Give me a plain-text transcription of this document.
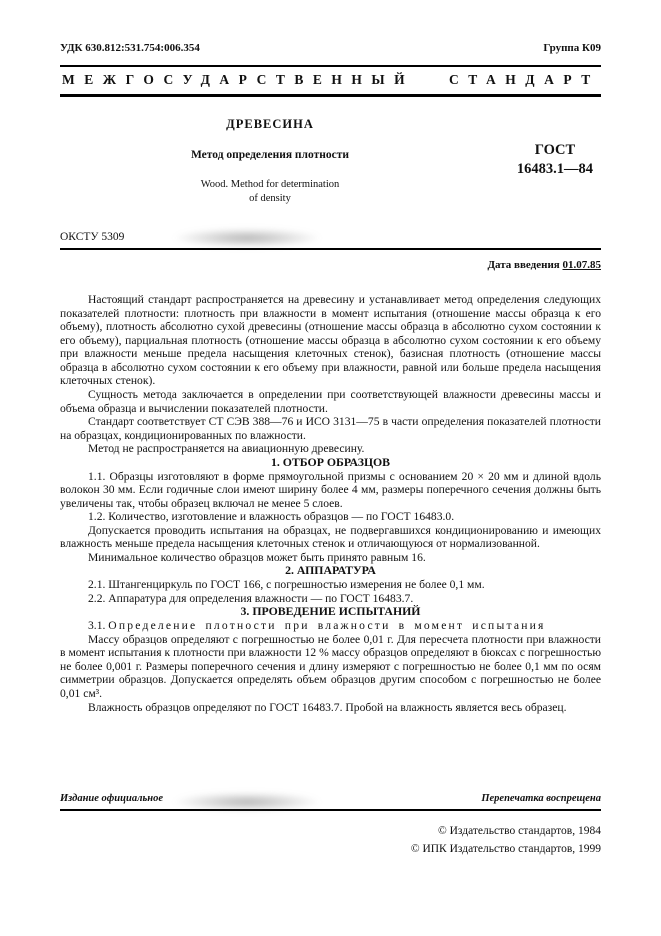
УДК 630.812:531.754:006.354	Группа К09
МЕЖГОСУДАРСТВЕННЫЙ СТАНДАРТ
ДРЕВЕСИНА
Метод определения плотности
Wood. Method for determination
of density
ГОСТ
16483.1—84
ОКСТУ 5309
Дата введения 01.07.85

Настоящий стандарт распространяется на древесину и устанавливает метод определения следующих показателей плотности: плотность при влажности в момент испытания (отношение массы образца к его объему), плотность абсолютно сухой древесины (отношение массы образца в абсолютно сухом состоянии к его объему), парциальная плотность (отношение массы образца в абсолютно сухом состоянии к его объему при влажности меньше предела насыщения клеточных стенок), базисная плотность (отношение массы образца в абсолютно сухом состоянии к его объему при влажности, равной или больше предела насыщения клеточных стенок).

Сущность метода заключается в определении при соответствующей влажности древесины массы и объема образца и вычислении показателей плотности.

Стандарт соответствует СТ СЭВ 388—76 и ИСО 3131—75 в части определения показателей плотности на образцах, кондиционированных по влажности.

Метод не распространяется на авиационную древесину.

1. ОТБОР ОБРАЗЦОВ

1.1. Образцы изготовляют в форме прямоугольной призмы с основанием 20 × 20 мм и длиной вдоль волокон 30 мм. Если годичные слои имеют ширину более 4 мм, размеры поперечного сечения должны быть увеличены так, чтобы образец включал не менее 5 слоев.

1.2. Количество, изготовление и влажность образцов — по ГОСТ 16483.0.

Допускается проводить испытания на образцах, не подвергавшихся кондиционированию и имеющих влажность меньше предела насыщения клеточных стенок и отличающуюся от нормализованной.

Минимальное количество образцов может быть принято равным 16.

2. АППАРАТУРА

2.1. Штангенциркуль по ГОСТ 166, с погрешностью измерения не более 0,1 мм.

2.2. Аппаратура для определения влажности — по ГОСТ 16483.7.

3. ПРОВЕДЕНИЕ ИСПЫТАНИЙ

3.1. Определение плотности при влажности в момент испытания

Массу образцов определяют с погрешностью не более 0,01 г. Для пересчета плотности при влажности в момент испытания к плотности при влажности 12 % массу образцов определяют в бюксах с погрешностью не более 0,001 г. Размеры поперечного сечения и длину измеряют с погрешностью не более 0,1 мм по осям симметрии образцов. Допускается определять объем образцов другим способом с погрешностью не более 0,01 см³.

Влажность образцов определяют по ГОСТ 16483.7. Пробой на влажность является весь образец.

Издание официальное	Перепечатка воспрещена
© Издательство стандартов, 1984
© ИПК Издательство стандартов, 1999
